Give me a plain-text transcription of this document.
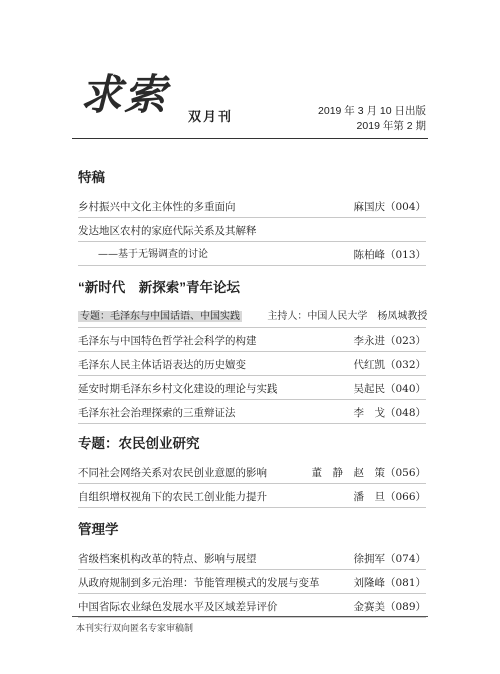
求索 双月刊	2019 年 3 月 10 日出版
2019 年第 2 期
特稿
乡村振兴中文化主体性的多重面向	麻国庆（004）
发达地区农村的家庭代际关系及其解释
——基于无锡调查的讨论	陈柏峰（013）
“新时代　新探索”青年论坛
专题：毛泽东与中国话语、中国实践	主持人：中国人民大学　杨凤城教授
毛泽东与中国特色哲学社会科学的构建	李永进（023）
毛泽东人民主体话语表达的历史嬗变	代红凯（032）
延安时期毛泽东乡村文化建设的理论与实践	吴起民（040）
毛泽东社会治理探索的三重辩证法	李　戈（048）
专题：农民创业研究
不同社会网络关系对农民创业意愿的影响	董　静　赵　策（056）
自组织增权视角下的农民工创业能力提升	潘　旦（066）
管理学
省级档案机构改革的特点、影响与展望	徐拥军（074）
从政府规制到多元治理：节能管理模式的发展与变革	刘隆峰（081）
中国省际农业绿色发展水平及区域差异评价	金赛美（089）
本刊实行双向匿名专家审稿制
